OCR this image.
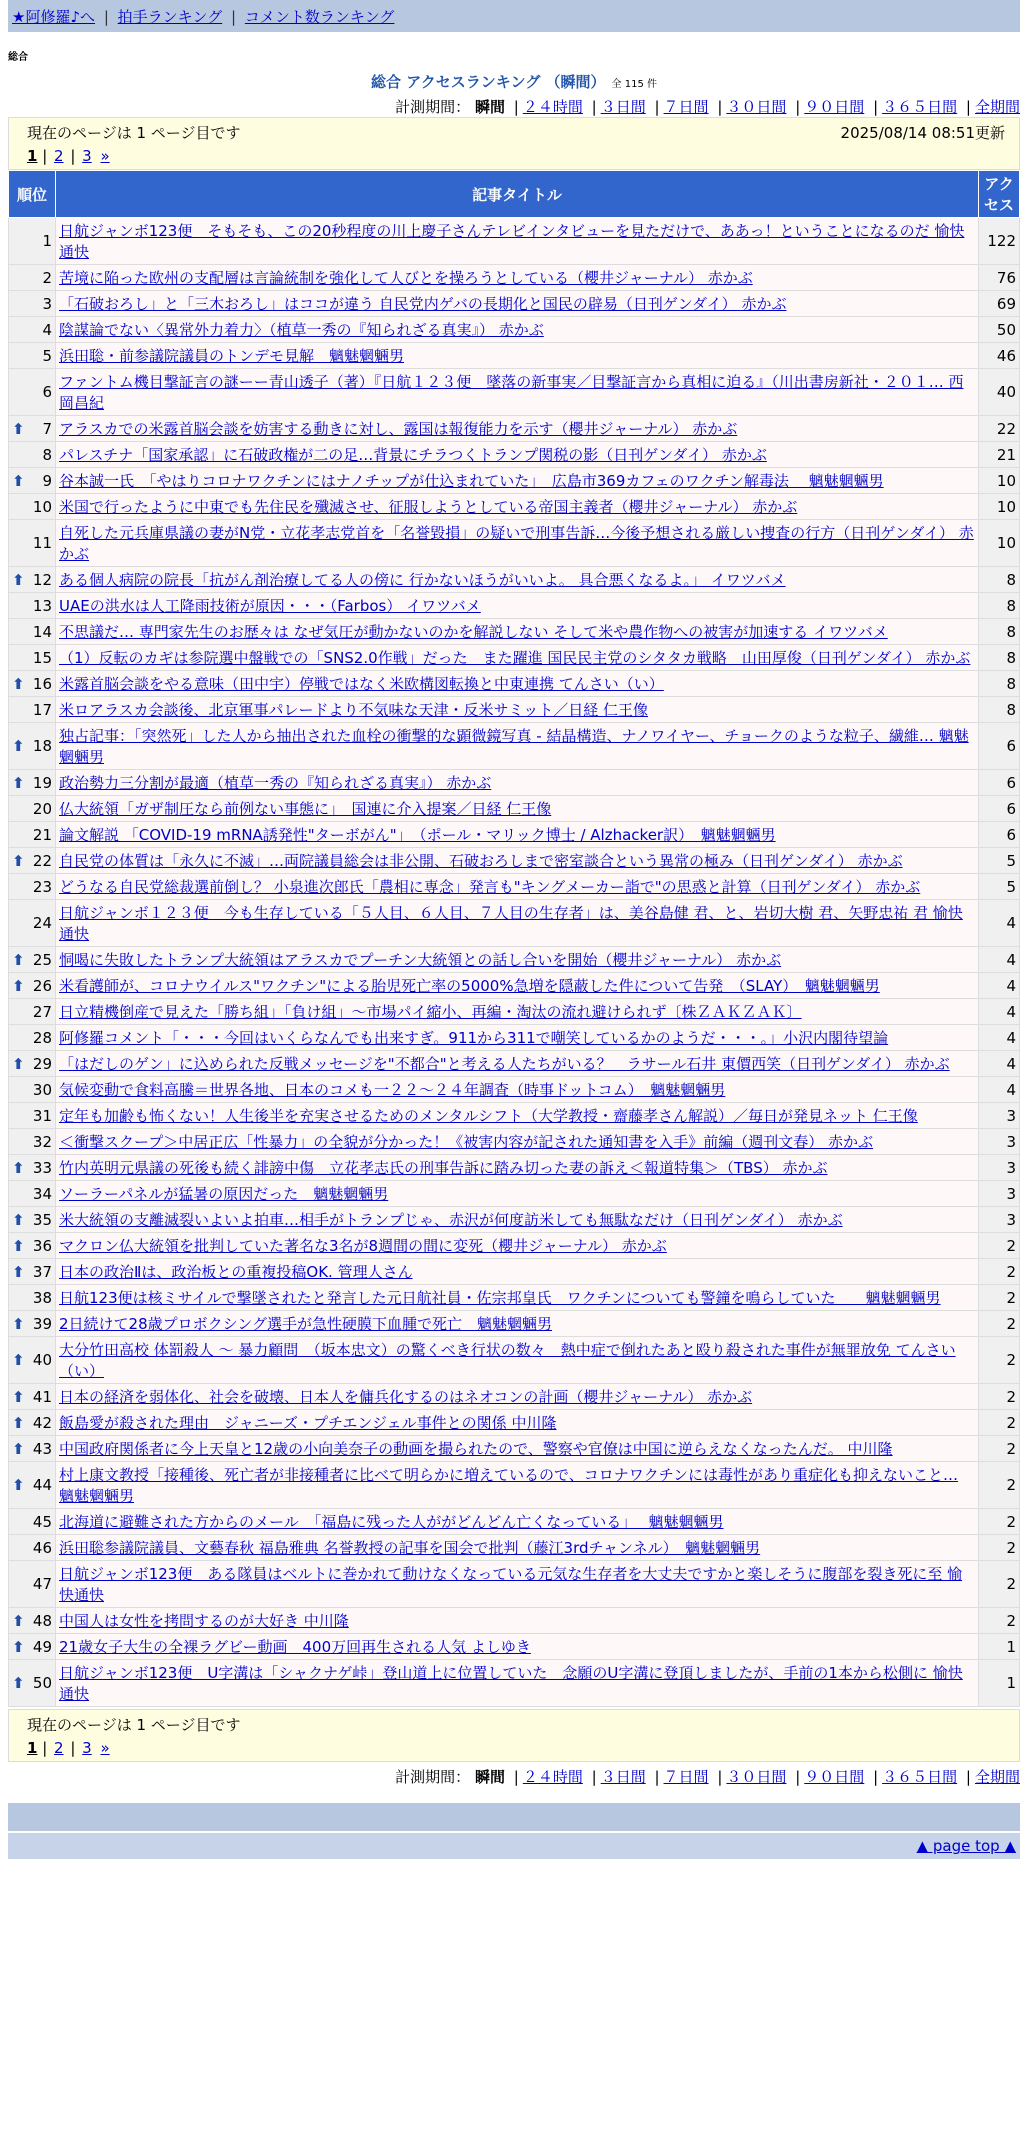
★阿修羅♪へ | 拍手ランキング | コメント数ランキング
総合
総合 アクセスランキング （瞬間） 全 115 件
計測期間： 瞬間 | ２４時間 | ３日間 | ７日間 | ３０日間 | ９０日間 | ３６５日間 | 全期間
現在のページは 1 ページ目です	2025/08/14 08:51更新
1 | 2 | 3 »
順位	記事タイトル	アクセス
1	日航ジャンボ123便　そもそも、この20秒程度の川上慶子さんテレビインタビューを見ただけで、ああっ！ということになるのだ 愉快通快	122
2	苦境に陥った欧州の支配層は言論統制を強化して人びとを操ろうとしている（櫻井ジャーナル） 赤かぶ	76
3	「石破おろし」と「三木おろし」はココが違う 自民党内ゲバの長期化と国民の辟易（日刊ゲンダイ） 赤かぶ	69
4	陰謀論でない〈異常外力着力〉（植草一秀の『知られざる真実』） 赤かぶ	50
5	浜田聡・前参議院議員のトンデモ見解　魑魅魍魎男	46
6	ファントム機目撃証言の謎ーー青山透子（著）『日航１２３便　墜落の新事実／目撃証言から真相に迫る』（川出書房新社・２０１… 西岡昌紀	40

⬆ 7	アラスカでの米露首脳会談を妨害する動きに対し、露国は報復能力を示す（櫻井ジャーナル） 赤かぶ	22
8	パレスチナ「国家承認」に石破政権が二の足…背景にチラつくトランプ関税の影（日刊ゲンダイ） 赤かぶ	21

⬆ 9	谷本誠一氏　「やはりコロナワクチンにはナノチップが仕込まれていた」　広島市369カフェのワクチン解毒法　 魑魅魍魎男	10
10	米国で行ったように中東でも先住民を殲滅させ、征服しようとしている帝国主義者（櫻井ジャーナル） 赤かぶ	10
11	自死した元兵庫県議の妻がN党・立花孝志党首を「名誉毀損」の疑いで刑事告訴…今後予想される厳しい捜査の行方（日刊ゲンダイ） 赤かぶ	10

⬆ 12	ある個人病院の院長「抗がん剤治療してる人の傍に 行かないほうがいいよ。 具合悪くなるよ。」 イワツバメ	8
13	UAEの洪水は人工降雨技術が原因・・・（Farbos） イワツバメ	8
14	不思議だ… 専門家先生のお歴々は なぜ気圧が動かないのかを解説しない そして米や農作物への被害が加速する イワツバメ	8
15	（1）反転のカギは参院選中盤戦での「SNS2.0作戦」だった　また躍進 国民民主党のシタタカ戦略　山田厚俊（日刊ゲンダイ） 赤かぶ	8

⬆ 16	米露首脳会談をやる意味（田中宇）停戦ではなく米欧構図転換と中東連携 てんさい（い）	8
17	米ロアラスカ会談後、北京軍事パレードより不気味な天津・反米サミット／日経 仁王像	8

⬆ 18	独占記事：「突然死」した人から抽出された血栓の衝撃的な顕微鏡写真 - 結晶構造、ナノワイヤー、チョークのような粒子、繊維… 魑魅魍魎男	6

⬆ 19	政治勢力三分割が最適（植草一秀の『知られざる真実』） 赤かぶ	6
20	仏大統領「ガザ制圧なら前例ない事態に」　国連に介入提案／日経 仁王像	6
21	論文解説 「COVID-19 mRNA誘発性"ターボがん"」　（ポール・マリック博士 / Alzhacker訳）　魑魅魍魎男	6

⬆ 22	自民党の体質は「永久に不滅」…両院議員総会は非公開、石破おろしまで密室談合という異常の極み（日刊ゲンダイ） 赤かぶ	5
23	どうなる自民党総裁選前倒し？ 小泉進次郎氏「農相に専念」発言も"キングメーカー詣で"の思惑と計算（日刊ゲンダイ） 赤かぶ	5
24	日航ジャンボ１２３便　今も生存している「５人目、６人目、７人目の生存者」は、美谷島健 君、と、岩切大樹 君、矢野忠祐 君 愉快通快	4

⬆ 25	恫喝に失敗したトランプ大統領はアラスカでプーチン大統領との話し合いを開始（櫻井ジャーナル） 赤かぶ	4

⬆ 26	米看護師が、コロナウイルス"ワクチン"による胎児死亡率の5000%急増を隠蔽した件について告発　（SLAY）　魑魅魍魎男	4
27	日立精機倒産で見えた「勝ち組」「負け組」～市場パイ縮小、再編・淘汰の流れ避けられず〔株ＺＡＫＺＡＫ〕	4
28	阿修羅コメント「・・・今回はいくらなんでも出来すぎ。911から311で嘲笑しているかのようだ・・・。」小沢内閣待望論	4

⬆ 29	「はだしのゲン」に込められた反戦メッセージを"不都合"と考える人たちがいる？　ラサール石井 東價西笑（日刊ゲンダイ） 赤かぶ	4
30	気候変動で食料高騰＝世界各地、日本のコメも一２２～２４年調査（時事ドットコム）　魑魅魍魎男	4
31	定年も加齢も怖くない！人生後半を充実させるためのメンタルシフト（大学教授・齋藤孝さん解説）／毎日が発見ネット 仁王像	3
32	＜衝撃スクープ＞中居正広「性暴力」の全貌が分かった！《被害内容が記された通知書を入手》前編（週刊文春） 赤かぶ	3

⬆ 33	竹内英明元県議の死後も続く誹謗中傷　立花孝志氏の刑事告訴に踏み切った妻の訴え＜報道特集＞（TBS） 赤かぶ	3
34	ソーラーパネルが猛暑の原因だった　魑魅魍魎男	3

⬆ 35	米大統領の支離滅裂いよいよ拍車…相手がトランプじゃ、赤沢が何度訪米しても無駄なだけ（日刊ゲンダイ） 赤かぶ	3

⬆ 36	マクロン仏大統領を批判していた著名な3名が8週間の間に変死（櫻井ジャーナル） 赤かぶ	2

⬆ 37	日本の政治Ⅱは、政治板との重複投稿OK. 管理人さん	2
38	日航123便は核ミサイルで撃墜されたと発言した元日航社員・佐宗邦皇氏　ワクチンについても警鐘を鳴らしていた　　魑魅魍魎男	2

⬆ 39	2日続けて28歳プロボクシング選手が急性硬膜下血腫で死亡　魑魅魍魎男	2

⬆ 40	大分竹田高校 体罰殺人 ～ 暴力顧問　（坂本忠文）の驚くべき行状の数々　熱中症で倒れたあと殴り殺された事件が無罪放免 てんさい（い）	2

⬆ 41	日本の経済を弱体化、社会を破壊、日本人を傭兵化するのはネオコンの計画（櫻井ジャーナル） 赤かぶ	2

⬆ 42	飯島愛が殺された理由　ジャニーズ・プチエンジェル事件との関係 中川隆	2

⬆ 43	中国政府関係者に今上天皇と12歳の小向美奈子の動画を撮られたので、警察や官僚は中国に逆らえなくなったんだ。 中川隆	2

⬆ 44	村上康文教授「接種後、死亡者が非接種者に比べて明らかに増えているので、コロナワクチンには毒性があり重症化も抑えないこと… 魑魅魍魎男	2
45	北海道に避難された方からのメール　「福島に残った人ががどんどん亡くなっている」　 魑魅魍魎男	2
46	浜田聡参議院議員、文藝春秋 福島雅典 名誉教授の記事を国会で批判（藤江3rdチャンネル）　魑魅魍魎男	2
47	日航ジャンボ123便　ある隊員はベルトに巻かれて動けなくなっている元気な生存者を大丈夫ですかと楽しそうに腹部を裂き死に至 愉快通快	2

⬆ 48	中国人は女性を拷問するのが大好き 中川隆	2

⬆ 49	21歳女子大生の全裸ラグビー動画　400万回再生される人気 よしゆき	1

⬆ 50	日航ジャンボ123便　U字溝は「シャクナゲ峠」登山道上に位置していた　念願のU字溝に登頂しましたが、手前の1本から松側に 愉快通快	1
現在のページは 1 ページ目です
1 | 2 | 3 »
計測期間： 瞬間 | ２４時間 | ３日間 | ７日間 | ３０日間 | ９０日間 | ３６５日間 | 全期間
▲ page top ▲
